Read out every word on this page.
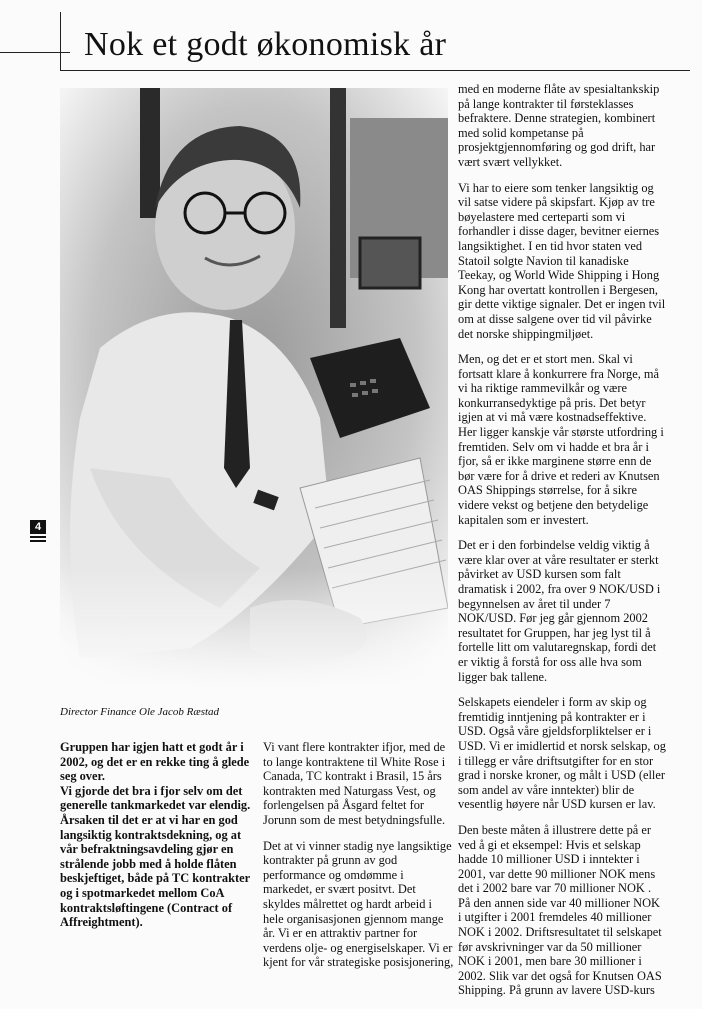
Nok et godt økonomisk år
Director Finance Ole Jacob Ræstad
4

Gruppen har igjen hatt et godt år i 2002, og det er en rekke ting å glede seg over.

Vi gjorde det bra i fjor selv om det generelle tankmarkedet var elendig. Årsaken til det er at vi har en god langsiktig kontraktsdekning, og at vår befraktningsavdeling gjør en strålende jobb med å holde flåten beskjeftiget, både på TC kontrakter og i spotmarkedet mellom CoA kontraktsløftingene (Contract of Affreightment).

Vi vant flere kontrakter ifjor, med de to lange kontraktene til White Rose i Canada, TC kontrakt i Brasil, 15 års kontrakten med Naturgass Vest, og forlengelsen på Åsgard feltet for Jorunn som de mest betydningsfulle.

Det at vi vinner stadig nye langsiktige kontrakter på grunn av god performance og omdømme i markedet, er svært positvt. Det skyldes målrettet og hardt arbeid i hele organisasjonen gjennom mange år. Vi er en attraktiv partner for verdens olje- og energiselskaper. Vi er kjent for vår strategiske posisjonering,

med en moderne flåte av spesialtankskip på lange kontrakter til førsteklasses befraktere. Denne strategien, kombinert med solid kompetanse på prosjektgjennomføring og god drift, har vært svært vellykket.

Vi har to eiere som tenker langsiktig og vil satse videre på skipsfart. Kjøp av tre bøyelastere med certeparti som vi forhandler i disse dager, bevitner eiernes langsiktighet. I en tid hvor staten ved Statoil solgte Navion til kanadiske Teekay, og World Wide Shipping i Hong Kong har overtatt kontrollen i Bergesen, gir dette viktige signaler. Det er ingen tvil om at disse salgene over tid vil påvirke det norske shippingmiljøet.

Men, og det er et stort men. Skal vi fortsatt klare å konkurrere fra Norge, må vi ha riktige rammevilkår og være konkurransedyktige på pris. Det betyr igjen at vi må være kostnadseffektive. Her ligger kanskje vår største utfordring i fremtiden. Selv om vi hadde et bra år i fjor, så er ikke marginene større enn de bør være for å drive et rederi av Knutsen OAS Shippings størrelse, for å sikre videre vekst og betjene den betydelige kapitalen som er investert.

Det er i den forbindelse veldig viktig å være klar over at våre resultater er sterkt påvirket av USD kursen som falt dramatisk i 2002, fra over 9 NOK/USD i begynnelsen av året til under 7 NOK/USD. Før jeg går gjennom 2002 resultatet for Gruppen, har jeg lyst til å fortelle litt om valutaregnskap, fordi det er viktig å forstå for oss alle hva som ligger bak tallene.

Selskapets eiendeler i form av skip og fremtidig inntjening på kontrakter er i USD. Også våre gjeldsforpliktelser er i USD. Vi er imidlertid et norsk selskap, og i tillegg er våre driftsutgifter for en stor grad i norske kroner, og målt i USD (eller som andel av våre inntekter) blir de vesentlig høyere når USD kursen er lav.

Den beste måten å illustrere dette på er ved å gi et eksempel: Hvis et selskap hadde 10 millioner USD i inntekter i 2001, var dette 90 millioner NOK mens det i 2002 bare var 70 millioner NOK . På den annen side var 40 millioner NOK i utgifter i 2001 fremdeles 40 millioner NOK i 2002. Driftsresultatet til selskapet før avskrivninger var da 50 millioner NOK i 2001, men bare 30 millioner i 2002. Slik var det også for Knutsen OAS Shipping. På grunn av lavere USD-kurs
